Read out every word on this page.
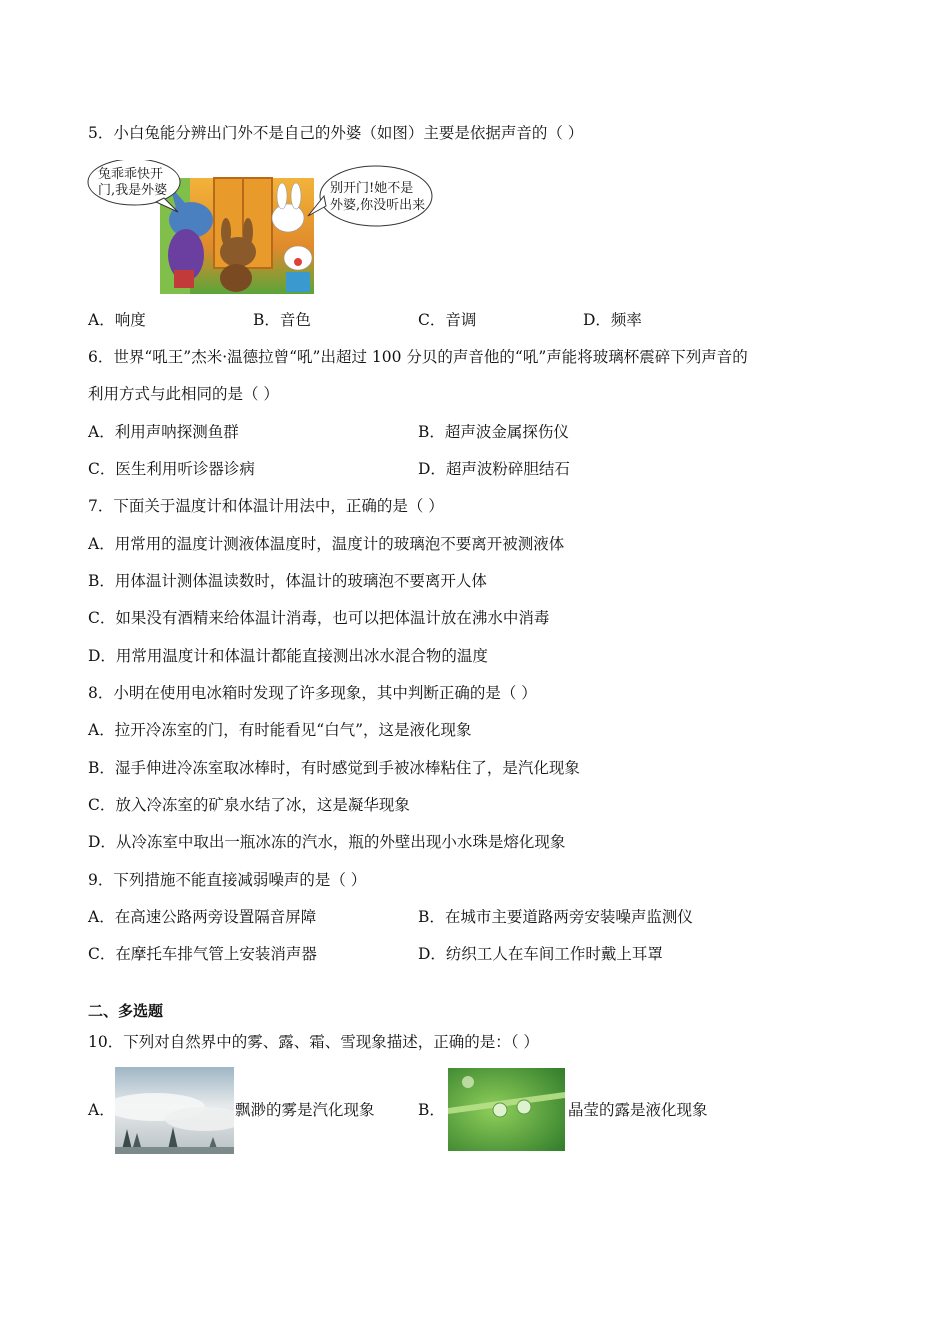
5．小白兔能分辨出门外不是自己的外婆（如图）主要是依据声音的（ ）
兔乖乖快开
门,我是外婆	别开门!她不是
外婆,你没听出来
A．响度	B．音色	C．音调	D．频率
6．世界“吼王”杰米·温德拉曾“吼”出超过 100 分贝的声音他的“吼”声能将玻璃杯震碎下列声音的
利用方式与此相同的是（ ）
A．利用声呐探测鱼群	B．超声波金属探伤仪
C．医生利用听诊器诊病	D．超声波粉碎胆结石
7．下面关于温度计和体温计用法中，正确的是（ ）
A．用常用的温度计测液体温度时，温度计的玻璃泡不要离开被测液体
B．用体温计测体温读数时，体温计的玻璃泡不要离开人体
C．如果没有酒精来给体温计消毒，也可以把体温计放在沸水中消毒
D．用常用温度计和体温计都能直接测出冰水混合物的温度
8．小明在使用电冰箱时发现了许多现象，其中判断正确的是（ ）
A．拉开冷冻室的门，有时能看见“白气”，这是液化现象
B．湿手伸进冷冻室取冰棒时，有时感觉到手被冰棒粘住了，是汽化现象
C．放入冷冻室的矿泉水结了冰，这是凝华现象
D．从冷冻室中取出一瓶冰冻的汽水，瓶的外壁出现小水珠是熔化现象
9．下列措施不能直接减弱噪声的是（ ）
A．在高速公路两旁设置隔音屏障	B．在城市主要道路两旁安装噪声监测仪
C．在摩托车排气管上安装消声器	D．纺织工人在车间工作时戴上耳罩
二、多选题
10．下列对自然界中的雾、露、霜、雪现象描述，正确的是：（ ）
A．	飘渺的雾是汽化现象	B．	晶莹的露是液化现象
